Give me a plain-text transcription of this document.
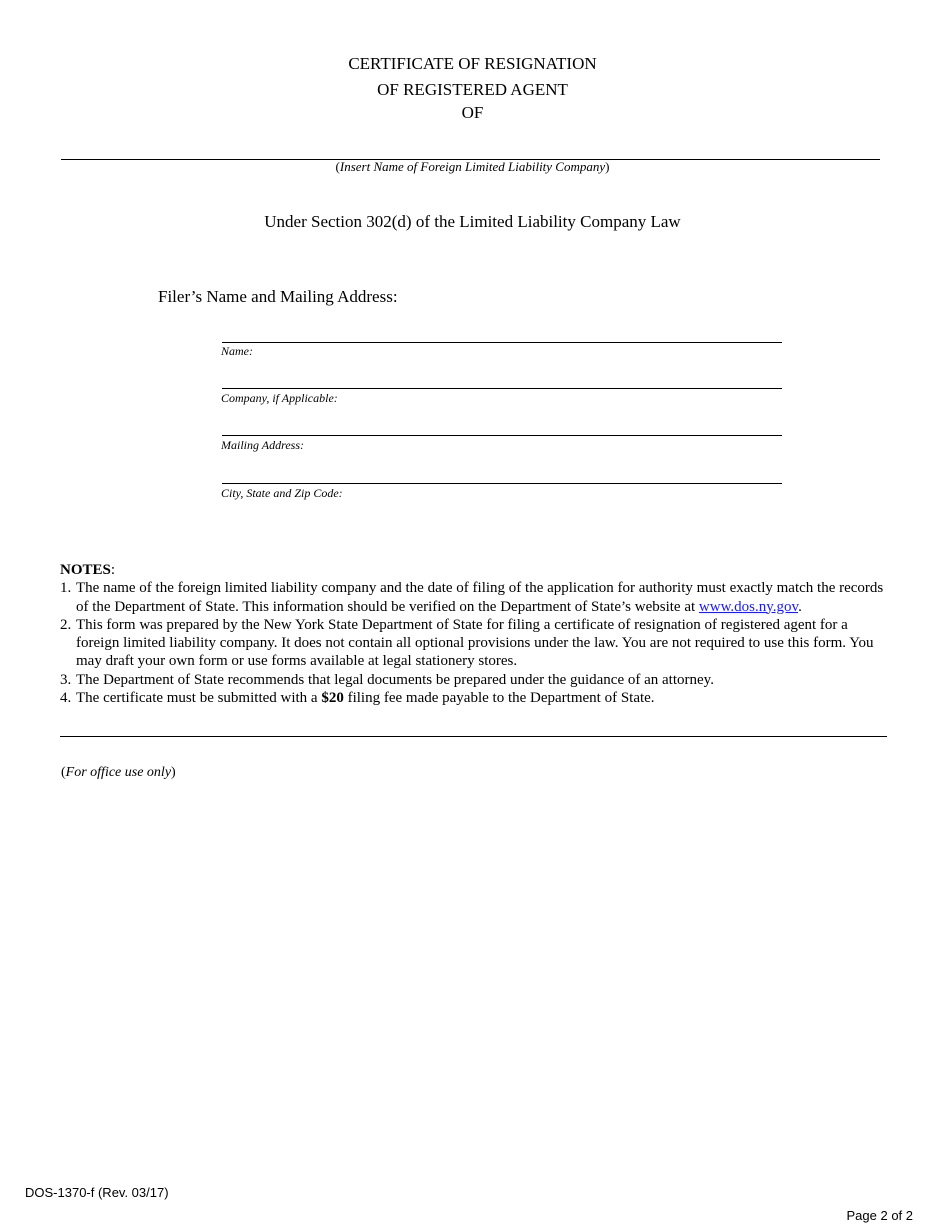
CERTIFICATE OF RESIGNATION
OF REGISTERED AGENT
OF
(Insert Name of Foreign Limited Liability Company)
Under Section 302(d) of the Limited Liability Company Law
Filer’s Name and Mailing Address:
Name:
Company, if Applicable:
Mailing Address:
City, State and Zip Code:
NOTES:
1. The name of the foreign limited liability company and the date of filing of the application for authority must exactly match the records of the Department of State. This information should be verified on the Department of State’s website at www.dos.ny.gov.
2. This form was prepared by the New York State Department of State for filing a certificate of resignation of registered agent for a foreign limited liability company. It does not contain all optional provisions under the law. You are not required to use this form. You may draft your own form or use forms available at legal stationery stores.
3. The Department of State recommends that legal documents be prepared under the guidance of an attorney.
4. The certificate must be submitted with a $20 filing fee made payable to the Department of State.
(For office use only)
DOS-1370-f (Rev. 03/17)
Page 2 of 2
